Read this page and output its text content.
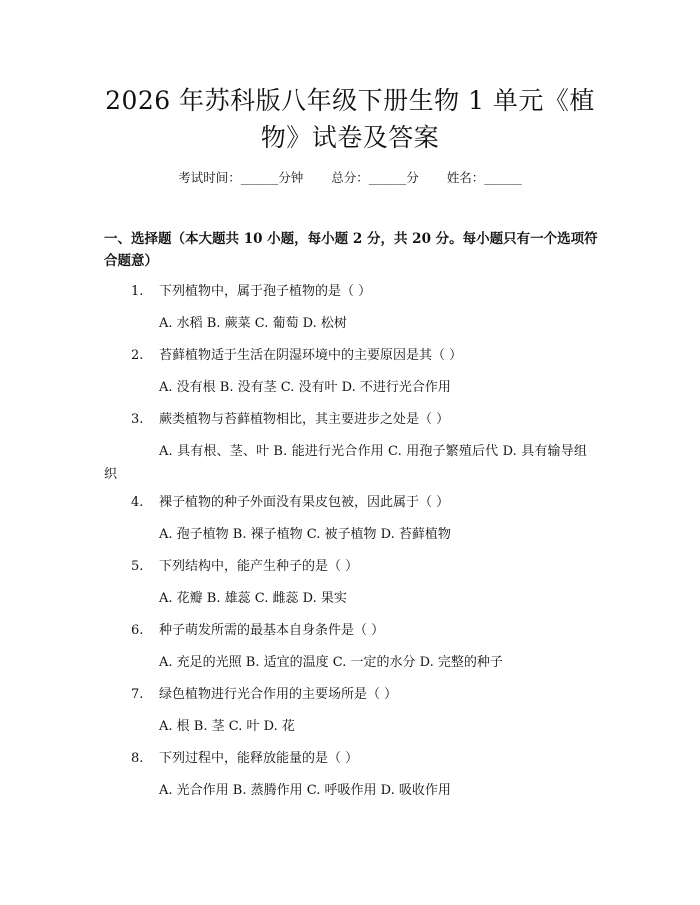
2026 年苏科版八年级下册生物 1 单元《植物》试卷及答案
考试时间：______分钟 总分：______分 姓名：______
一、选择题（本大题共 10 小题，每小题 2 分，共 20 分。每小题只有一个选项符合题意）
1. 下列植物中，属于孢子植物的是（ ）
A. 水稻 B. 蕨菜 C. 葡萄 D. 松树
2. 苔藓植物适于生活在阴湿环境中的主要原因是其（ ）
A. 没有根 B. 没有茎 C. 没有叶 D. 不进行光合作用
3. 蕨类植物与苔藓植物相比，其主要进步之处是（ ）
A. 具有根、茎、叶 B. 能进行光合作用 C. 用孢子繁殖后代 D. 具有输导组织
4. 裸子植物的种子外面没有果皮包被，因此属于（ ）
A. 孢子植物 B. 裸子植物 C. 被子植物 D. 苔藓植物
5. 下列结构中，能产生种子的是（ ）
A. 花瓣 B. 雄蕊 C. 雌蕊 D. 果实
6. 种子萌发所需的最基本自身条件是（ ）
A. 充足的光照 B. 适宜的温度 C. 一定的水分 D. 完整的种子
7. 绿色植物进行光合作用的主要场所是（ ）
A. 根 B. 茎 C. 叶 D. 花
8. 下列过程中，能释放能量的是（ ）
A. 光合作用 B. 蒸腾作用 C. 呼吸作用 D. 吸收作用
